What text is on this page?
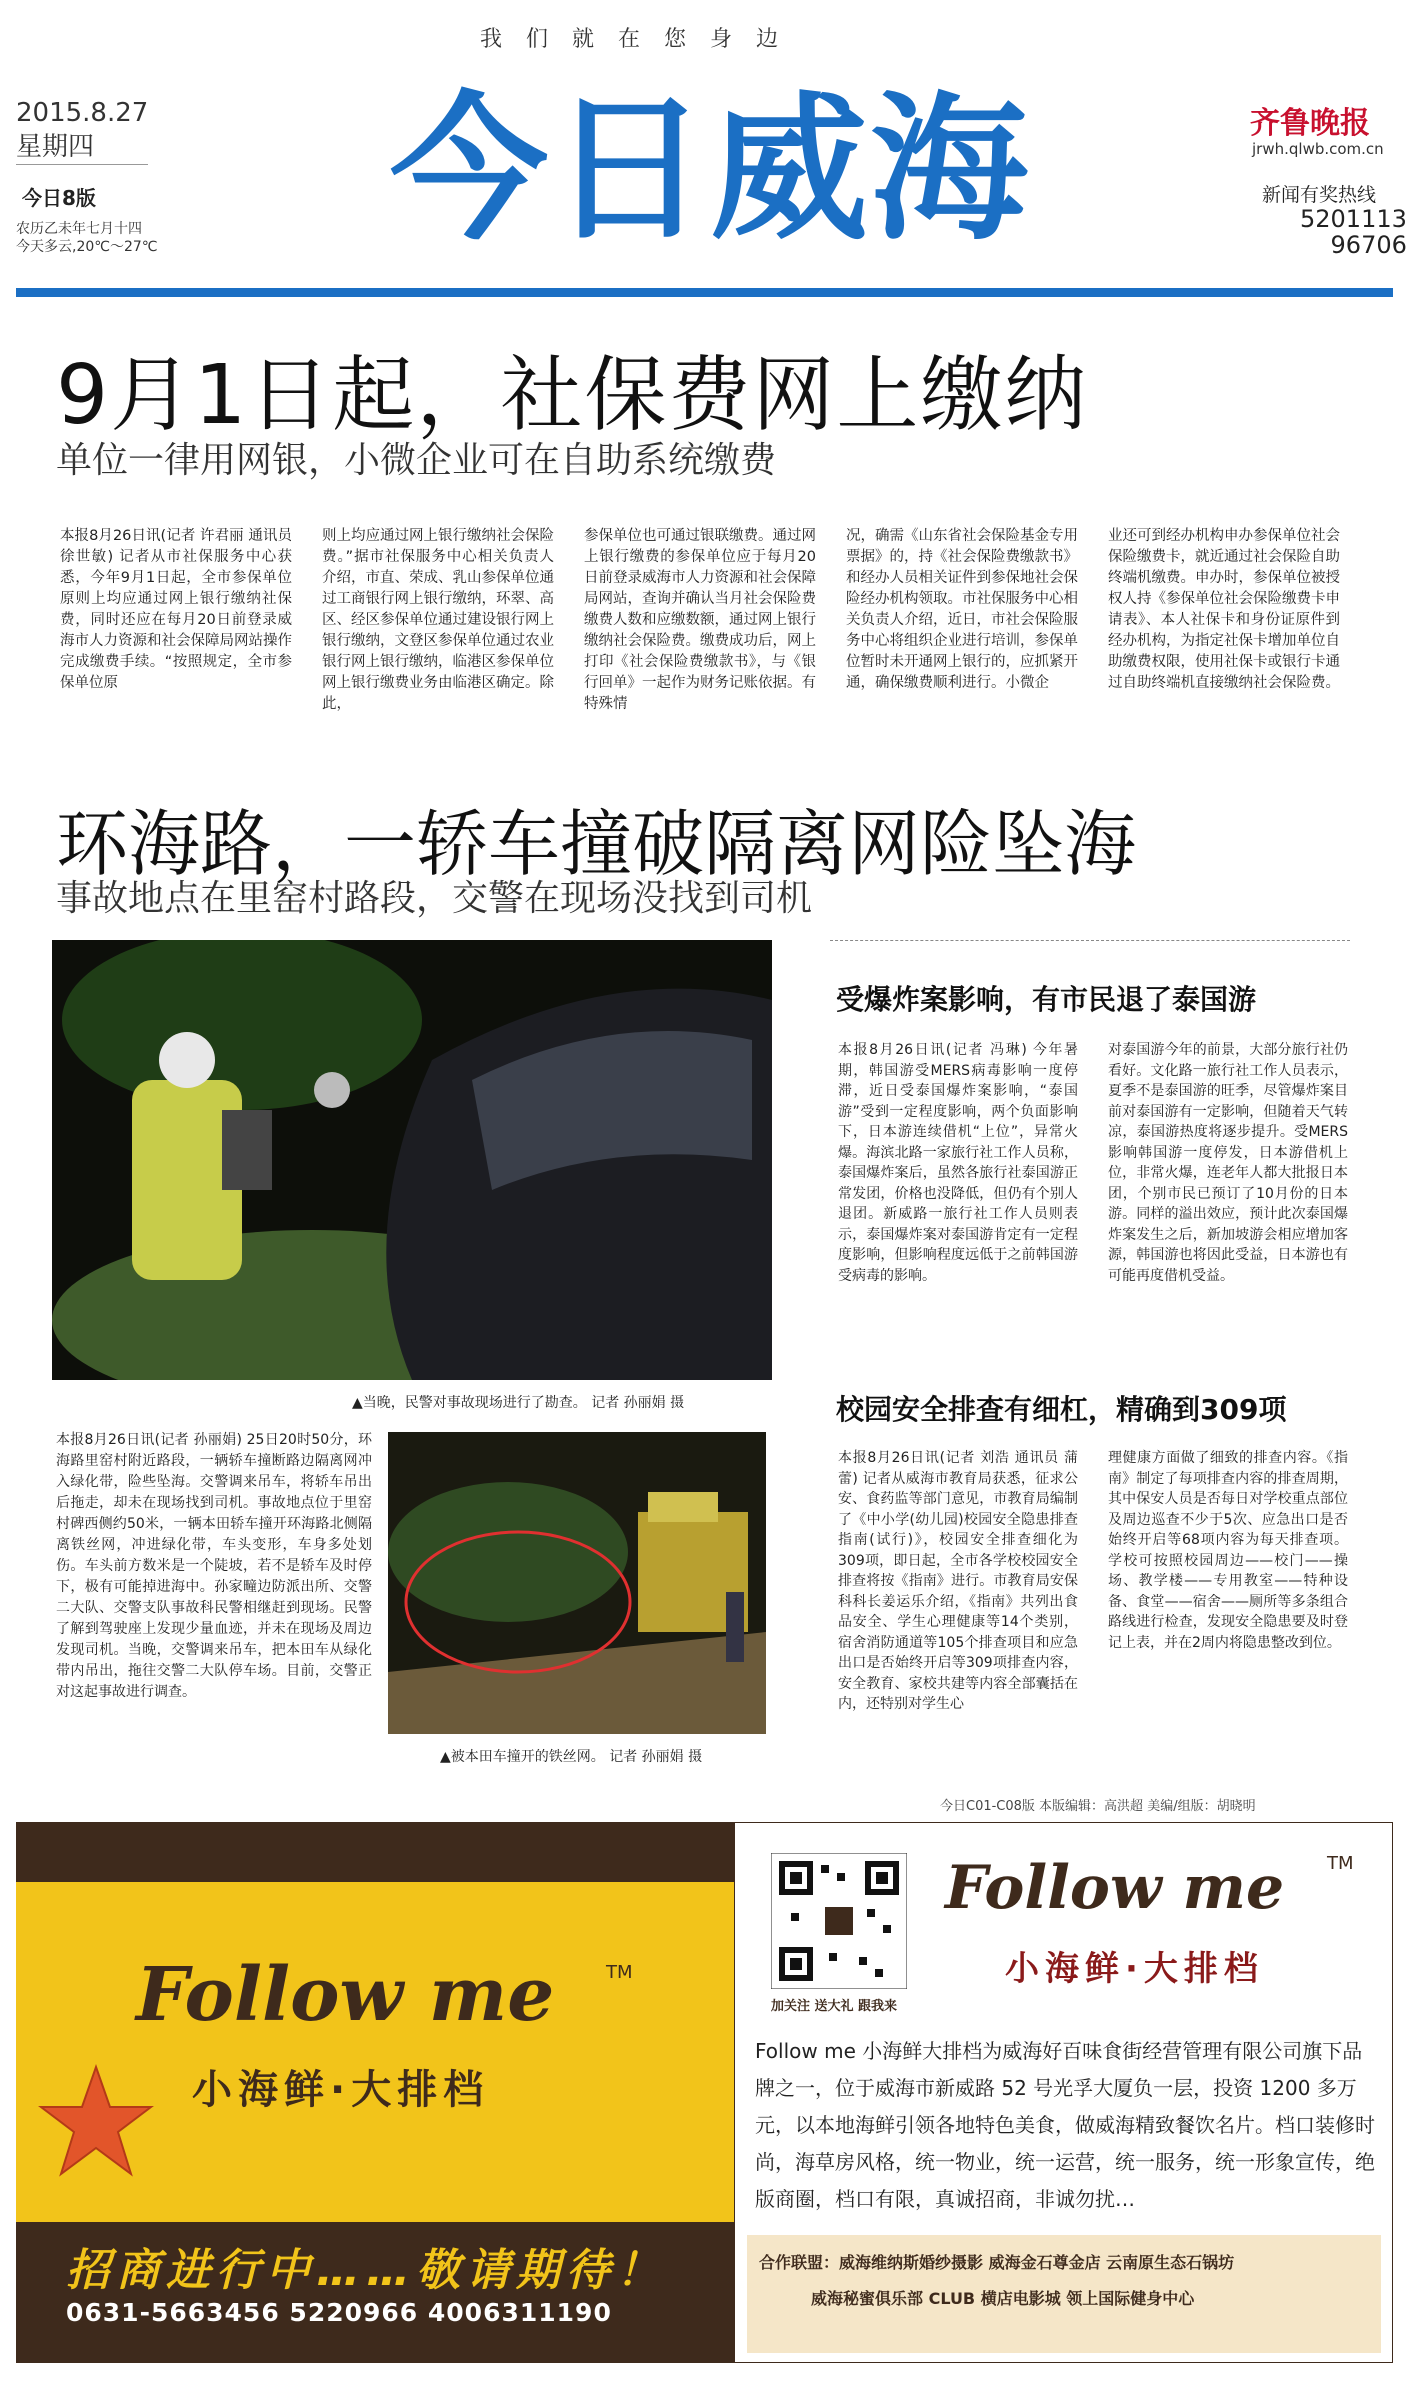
我们就在您身边
2015.8.27
星期四
今日8版
农历乙未年七月十四
今天多云,20℃～27℃	今日威海	齐鲁晚报
jrwh.qlwb.com.cn
新闻有奖热线
5201113
96706
9月1日起，社保费网上缴纳
单位一律用网银，小微企业可在自助系统缴费
本报8月26日讯(记者 许君丽 通讯员 徐世敏) 记者从市社保服务中心获悉，今年9月1日起，全市参保单位原则上均应通过网上银行缴纳社保费，同时还应在每月20日前登录威海市人力资源和社会保障局网站操作完成缴费手续。“按照规定，全市参保单位原
则上均应通过网上银行缴纳社会保险费。”据市社保服务中心相关负责人介绍，市直、荣成、乳山参保单位通过工商银行网上银行缴纳，环翠、高区、经区参保单位通过建设银行网上银行缴纳，文登区参保单位通过农业银行网上银行缴纳，临港区参保单位网上银行缴费业务由临港区确定。除此，
参保单位也可通过银联缴费。通过网上银行缴费的参保单位应于每月20日前登录威海市人力资源和社会保障局网站，查询并确认当月社会保险费缴费人数和应缴数额，通过网上银行缴纳社会保险费。缴费成功后，网上打印《社会保险费缴款书》，与《银行回单》一起作为财务记账依据。有特殊情
况，确需《山东省社会保险基金专用票据》的，持《社会保险费缴款书》和经办人员相关证件到参保地社会保险经办机构领取。市社保服务中心相关负责人介绍，近日，市社会保险服务中心将组织企业进行培训，参保单位暂时未开通网上银行的，应抓紧开通，确保缴费顺利进行。小微企
业还可到经办机构申办参保单位社会保险缴费卡，就近通过社会保险自助终端机缴费。申办时，参保单位被授权人持《参保单位社会保险缴费卡申请表》、本人社保卡和身份证原件到经办机构，为指定社保卡增加单位自助缴费权限，使用社保卡或银行卡通过自助终端机直接缴纳社会保险费。
环海路，一轿车撞破隔离网险坠海
事故地点在里窑村路段，交警在现场没找到司机
▲当晚，民警对事故现场进行了勘查。 记者 孙丽娟 摄
本报8月26日讯(记者 孙丽娟) 25日20时50分，环海路里窑村附近路段，一辆轿车撞断路边隔离网冲入绿化带，险些坠海。交警调来吊车，将轿车吊出后拖走，却未在现场找到司机。事故地点位于里窑村碑西侧约50米，一辆本田轿车撞开环海路北侧隔离铁丝网，冲进绿化带，车头变形，车身多处划伤。车头前方数米是一个陡坡，若不是轿车及时停下，极有可能掉进海中。孙家疃边防派出所、交警二大队、交警支队事故科民警相继赶到现场。民警了解到驾驶座上发现少量血迹，并未在现场及周边发现司机。当晚，交警调来吊车，把本田车从绿化带内吊出，拖往交警二大队停车场。目前，交警正对这起事故进行调查。
▲被本田车撞开的铁丝网。 记者 孙丽娟 摄
受爆炸案影响，有市民退了泰国游
本报8月26日讯(记者 冯琳) 今年暑期，韩国游受MERS病毒影响一度停滞，近日受泰国爆炸案影响，“泰国游”受到一定程度影响，两个负面影响下，日本游连续借机“上位”，异常火爆。海滨北路一家旅行社工作人员称，泰国爆炸案后，虽然各旅行社泰国游正常发团，价格也没降低，但仍有个别人退团。新威路一旅行社工作人员则表示，泰国爆炸案对泰国游肯定有一定程度影响，但影响程度远低于之前韩国游受病毒的影响。
对泰国游今年的前景，大部分旅行社仍看好。文化路一旅行社工作人员表示，夏季不是泰国游的旺季，尽管爆炸案目前对泰国游有一定影响，但随着天气转凉，泰国游热度将逐步提升。受MERS影响韩国游一度停发，日本游借机上位，非常火爆，连老年人都大批报日本团，个别市民已预订了10月份的日本游。同样的溢出效应，预计此次泰国爆炸案发生之后，新加坡游会相应增加客源，韩国游也将因此受益，日本游也有可能再度借机受益。
校园安全排查有细杠，精确到309项
本报8月26日讯(记者 刘浩 通讯员 蒲蕾) 记者从威海市教育局获悉，征求公安、食药监等部门意见，市教育局编制了《中小学(幼儿园)校园安全隐患排查指南(试行)》，校园安全排查细化为309项，即日起，全市各学校校园安全排查将按《指南》进行。市教育局安保科科长姜运乐介绍，《指南》共列出食品安全、学生心理健康等14个类别，宿舍消防通道等105个排查项目和应急出口是否始终开启等309项排查内容，安全教育、家校共建等内容全部囊括在内，还特别对学生心
理健康方面做了细致的排查内容。《指南》制定了每项排查内容的排查周期，其中保安人员是否每日对学校重点部位及周边巡查不少于5次、应急出口是否始终开启等68项内容为每天排查项。学校可按照校园周边——校门——操场、教学楼——专用教室——特种设备、食堂——宿舍——厕所等多条组合路线进行检查，发现安全隐患要及时登记上表，并在2周内将隐患整改到位。
今日C01-C08版 本版编辑：高洪超 美编/组版：胡晓明
Follow me	TM
小海鲜·大排档
招商进行中……敬请期待！
0631-5663456 5220966 4006311190
加关注 送大礼 跟我来
Follow me TM
小海鲜·大排档
Follow me 小海鲜大排档为威海好百味食街经营管理有限公司旗下品牌之一，位于威海市新威路 52 号光孚大厦负一层，投资 1200 多万元，以本地海鲜引领各地特色美食，做威海精致餐饮名片。档口装修时尚，海草房风格，统一物业，统一运营，统一服务，统一形象宣传，绝版商圈，档口有限，真诚招商，非诚勿扰…
合作联盟：威海维纳斯婚纱摄影 威海金石尊金店 云南原生态石锅坊
威海秘蜜俱乐部 CLUB 横店电影城 领上国际健身中心
